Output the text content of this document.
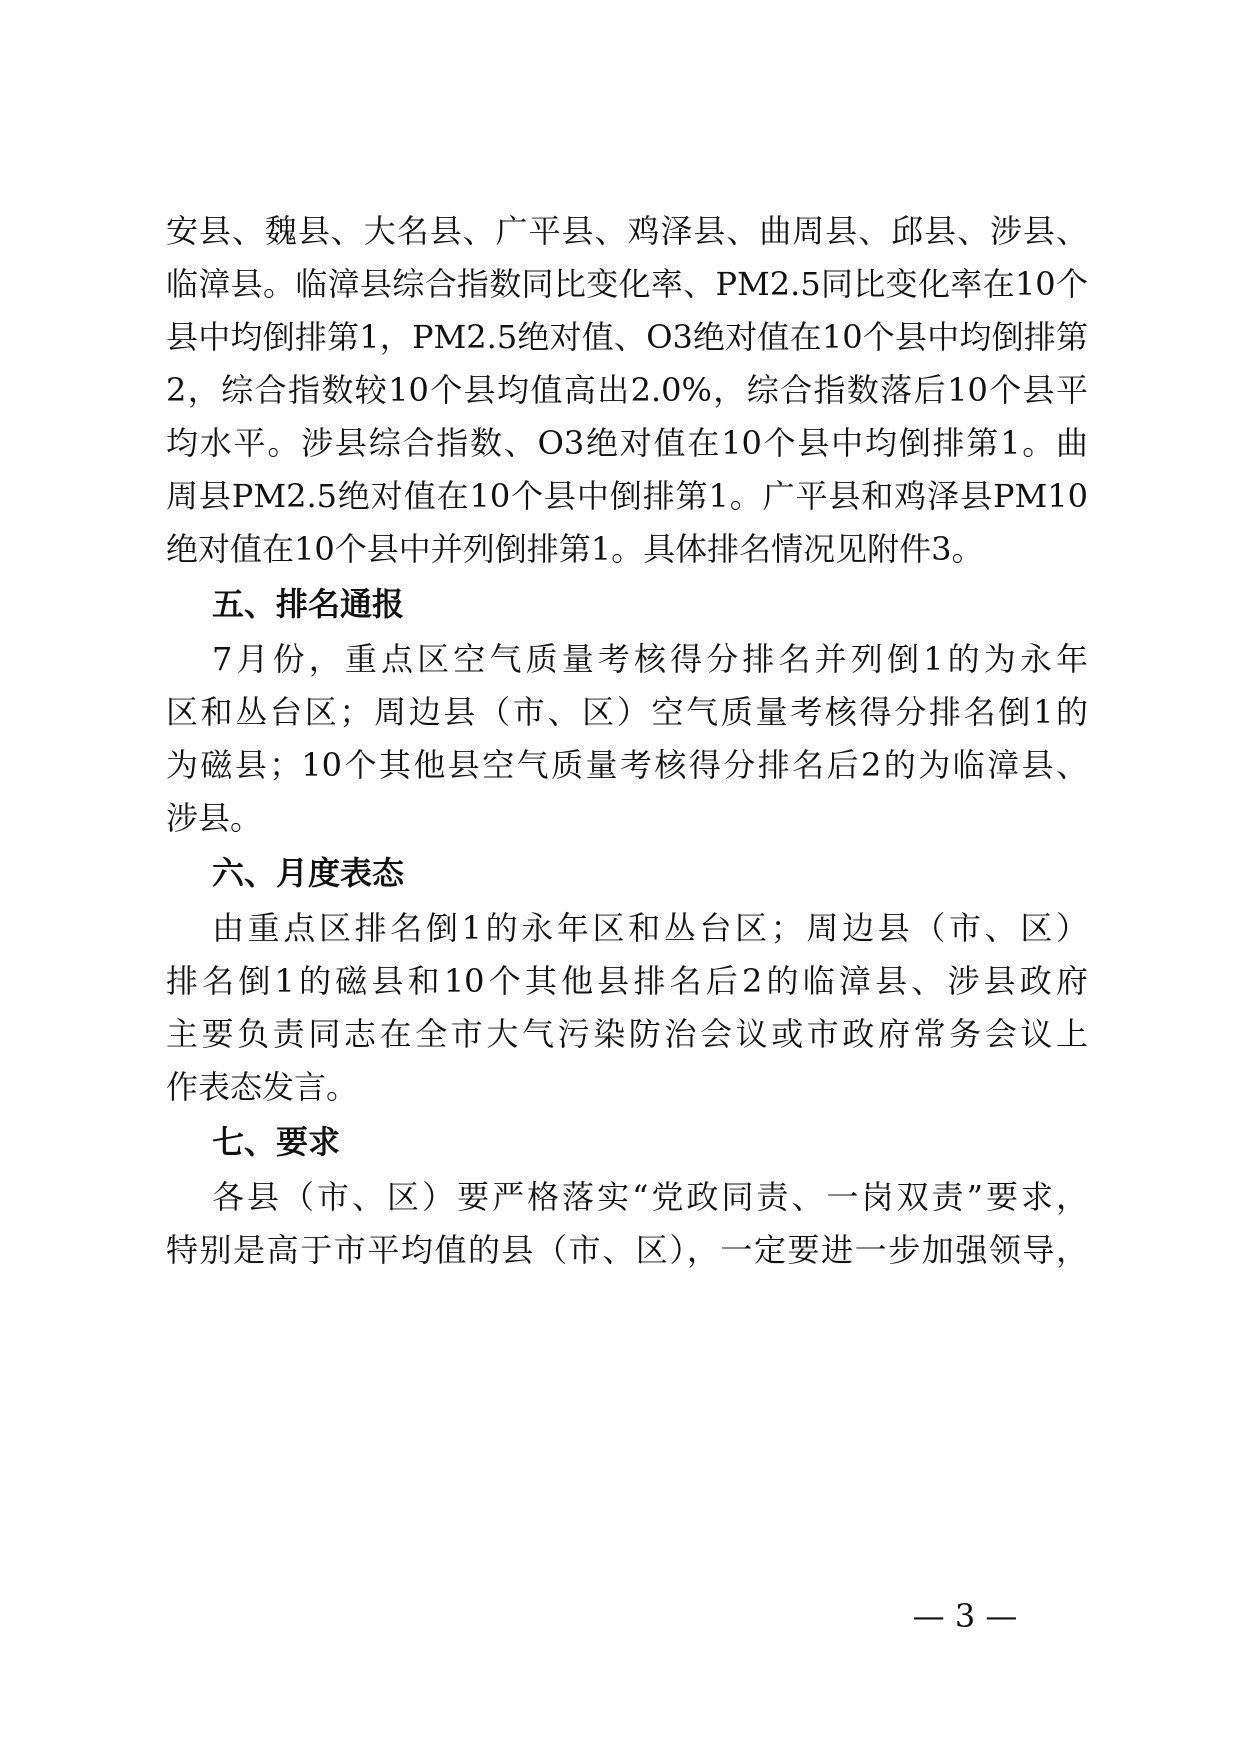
安县、魏县、大名县、广平县、鸡泽县、曲周县、邱县、涉县、
临漳县。临漳县综合指数同比变化率、PM2.5同比变化率在10个
县中均倒排第1，PM2.5绝对值、O3绝对值在10个县中均倒排第
2，综合指数较10个县均值高出2.0%，综合指数落后10个县平
均水平。涉县综合指数、O3绝对值在10个县中均倒排第1。曲
周县PM2.5绝对值在10个县中倒排第1。广平县和鸡泽县PM10
绝对值在10个县中并列倒排第1。具体排名情况见附件3。
五、排名通报
7月份，重点区空气质量考核得分排名并列倒1的为永年
区和丛台区；周边县（市、区）空气质量考核得分排名倒1的
为磁县；10个其他县空气质量考核得分排名后2的为临漳县、
涉县。
六、月度表态
由重点区排名倒1的永年区和丛台区；周边县（市、区）
排名倒1的磁县和10个其他县排名后2的临漳县、涉县政府
主要负责同志在全市大气污染防治会议或市政府常务会议上
作表态发言。
七、要求
各县（市、区）要严格落实“党政同责、一岗双责”要求，
特别是高于市平均值的县（市、区），一定要进一步加强领导，
— 3 —
